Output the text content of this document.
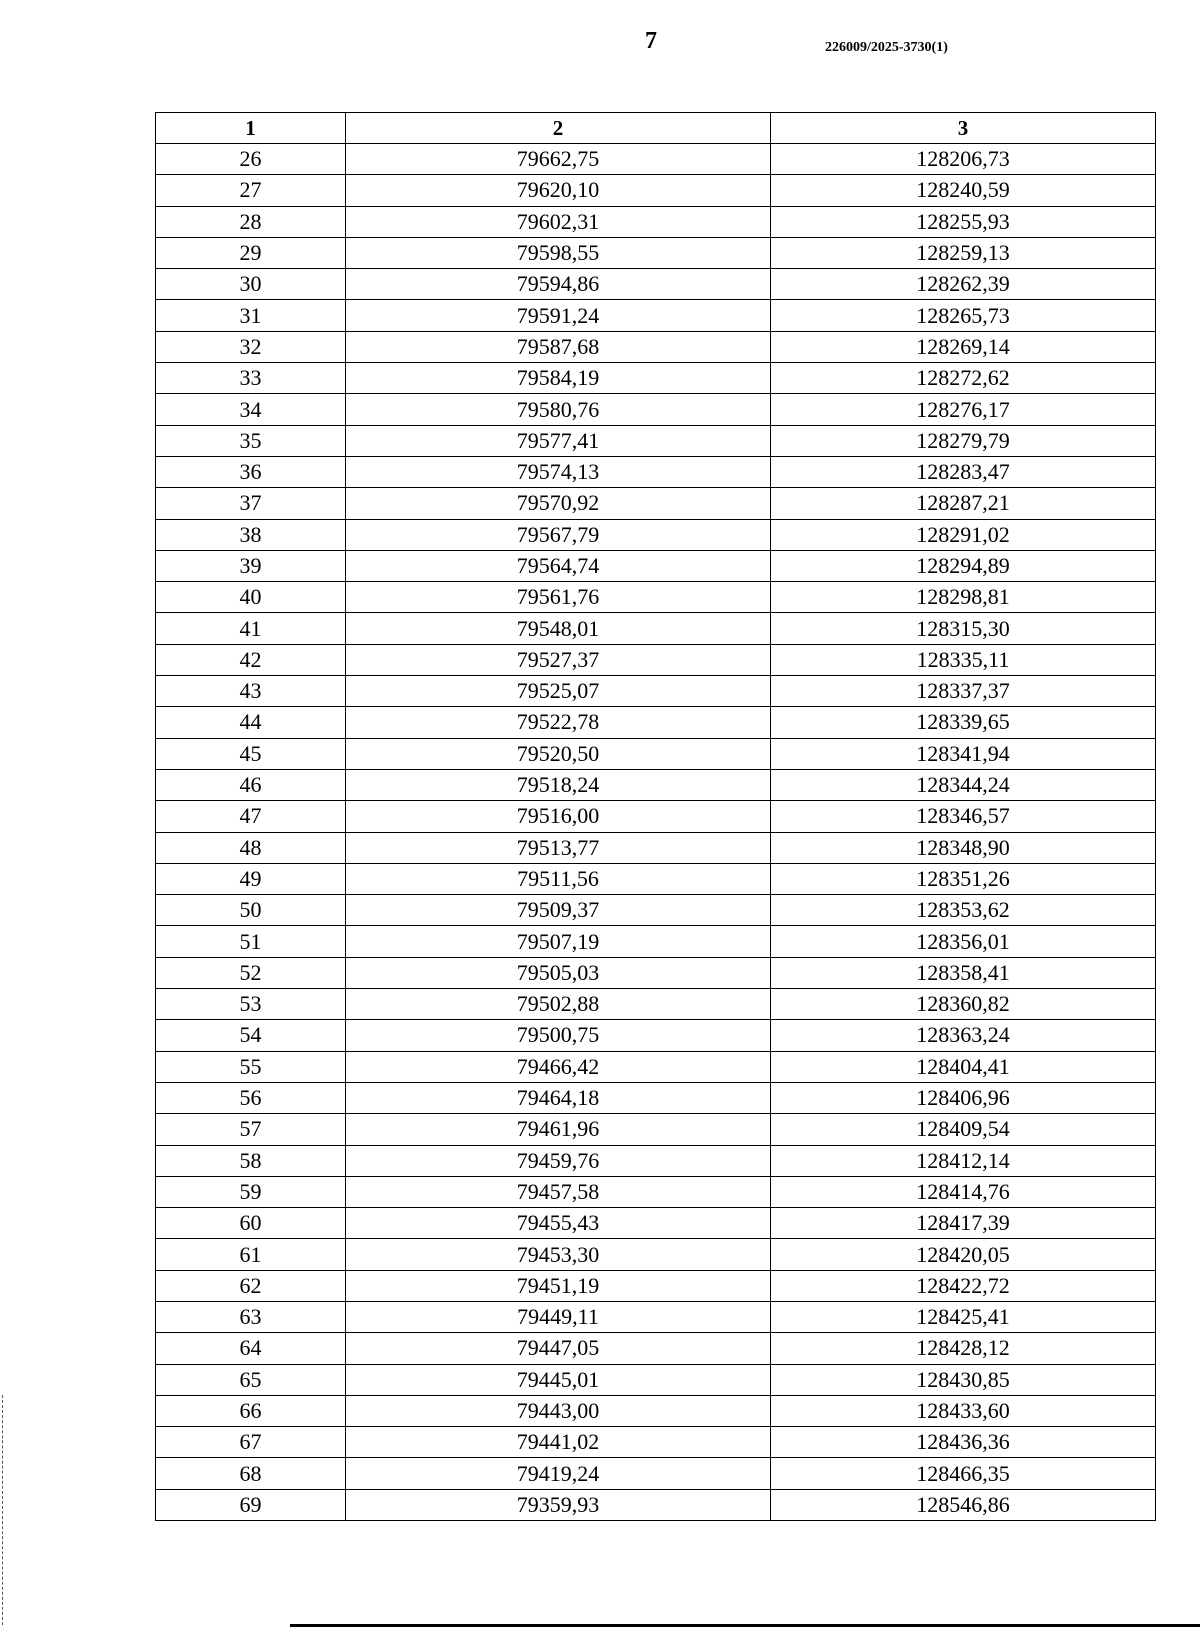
7	226009/2025-3730(1)
1	2	3
26	79662,75	128206,73
27	79620,10	128240,59
28	79602,31	128255,93
29	79598,55	128259,13
30	79594,86	128262,39
31	79591,24	128265,73
32	79587,68	128269,14
33	79584,19	128272,62
34	79580,76	128276,17
35	79577,41	128279,79
36	79574,13	128283,47
37	79570,92	128287,21
38	79567,79	128291,02
39	79564,74	128294,89
40	79561,76	128298,81
41	79548,01	128315,30
42	79527,37	128335,11
43	79525,07	128337,37
44	79522,78	128339,65
45	79520,50	128341,94
46	79518,24	128344,24
47	79516,00	128346,57
48	79513,77	128348,90
49	79511,56	128351,26
50	79509,37	128353,62
51	79507,19	128356,01
52	79505,03	128358,41
53	79502,88	128360,82
54	79500,75	128363,24
55	79466,42	128404,41
56	79464,18	128406,96
57	79461,96	128409,54
58	79459,76	128412,14
59	79457,58	128414,76
60	79455,43	128417,39
61	79453,30	128420,05
62	79451,19	128422,72
63	79449,11	128425,41
64	79447,05	128428,12
65	79445,01	128430,85
66	79443,00	128433,60
67	79441,02	128436,36
68	79419,24	128466,35
69	79359,93	128546,86
